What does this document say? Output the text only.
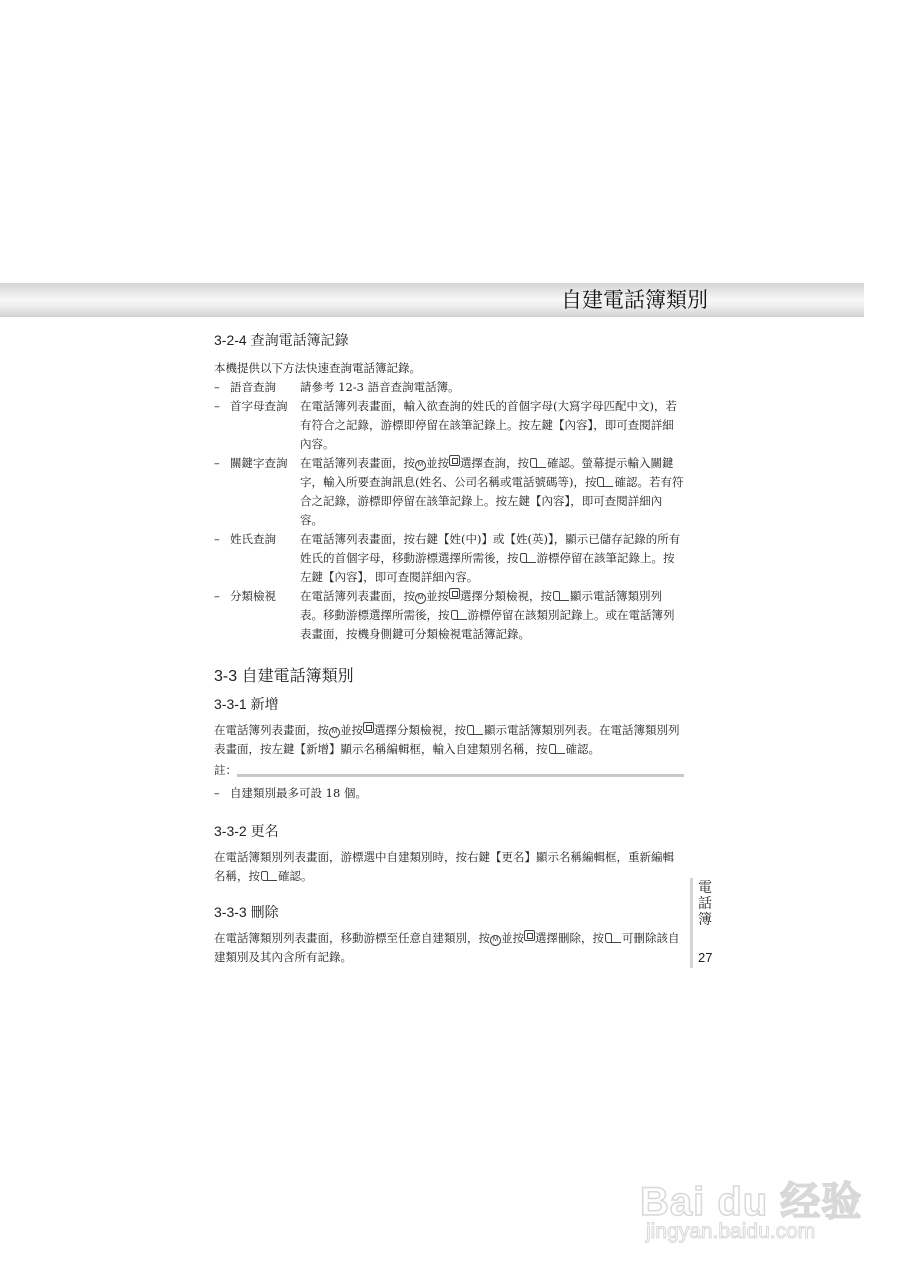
自建電話簿類別
3-2-4 查詢電話簿記錄

本機提供以下方法快速查詢電話簿記錄。

– 語音查詢	請參考 12-3 語音查詢電話簿。
– 首字母查詢	在電話簿列表畫面，輸入欲查詢的姓氏的首個字母(大寫字母匹配中文)，若有符合之記錄，游標即停留在該筆記錄上。按左鍵【內容】，即可查閱詳細內容。
– 關鍵字查詢	在電話簿列表畫面，按 M 並按 選擇查詢，按 確認。螢幕提示輸入關鍵字，輸入所要查詢訊息(姓名、公司名稱或電話號碼等)，按 確認。若有符合之記錄，游標即停留在該筆記錄上。按左鍵【內容】，即可查閱詳細內容。
– 姓氏查詢	在電話簿列表畫面，按右鍵【姓(中)】或【姓(英)】，顯示已儲存記錄的所有姓氏的首個字母，移動游標選擇所需後，按 游標停留在該筆記錄上。按左鍵【內容】，即可查閱詳細內容。
– 分類檢視	在電話簿列表畫面，按 M 並按 選擇分類檢視，按 顯示電話簿類別列表。移動游標選擇所需後，按 游標停留在該類別記錄上。或在電話簿列表畫面，按機身側鍵可分類檢視電話簿記錄。
3-3 自建電話簿類別
3-3-1 新增

在電話簿列表畫面，按 M 並按 選擇分類檢視，按 顯示電話簿類別列表。在電話簿類別列表畫面，按左鍵【新增】顯示名稱編輯框，輸入自建類別名稱，按 確認。

註：
– 自建類別最多可設 18 個。
3-3-2 更名

在電話簿類別列表畫面，游標選中自建類別時，按右鍵【更名】顯示名稱編輯框，重新編輯名稱，按 確認。

3-3-3 刪除

在電話簿類別列表畫面，移動游標至任意自建類別，按 M 並按 選擇刪除，按 可刪除該自建類別及其內含所有記錄。

電話簿
27
Bai du 经验
jingyan.baidu.com
